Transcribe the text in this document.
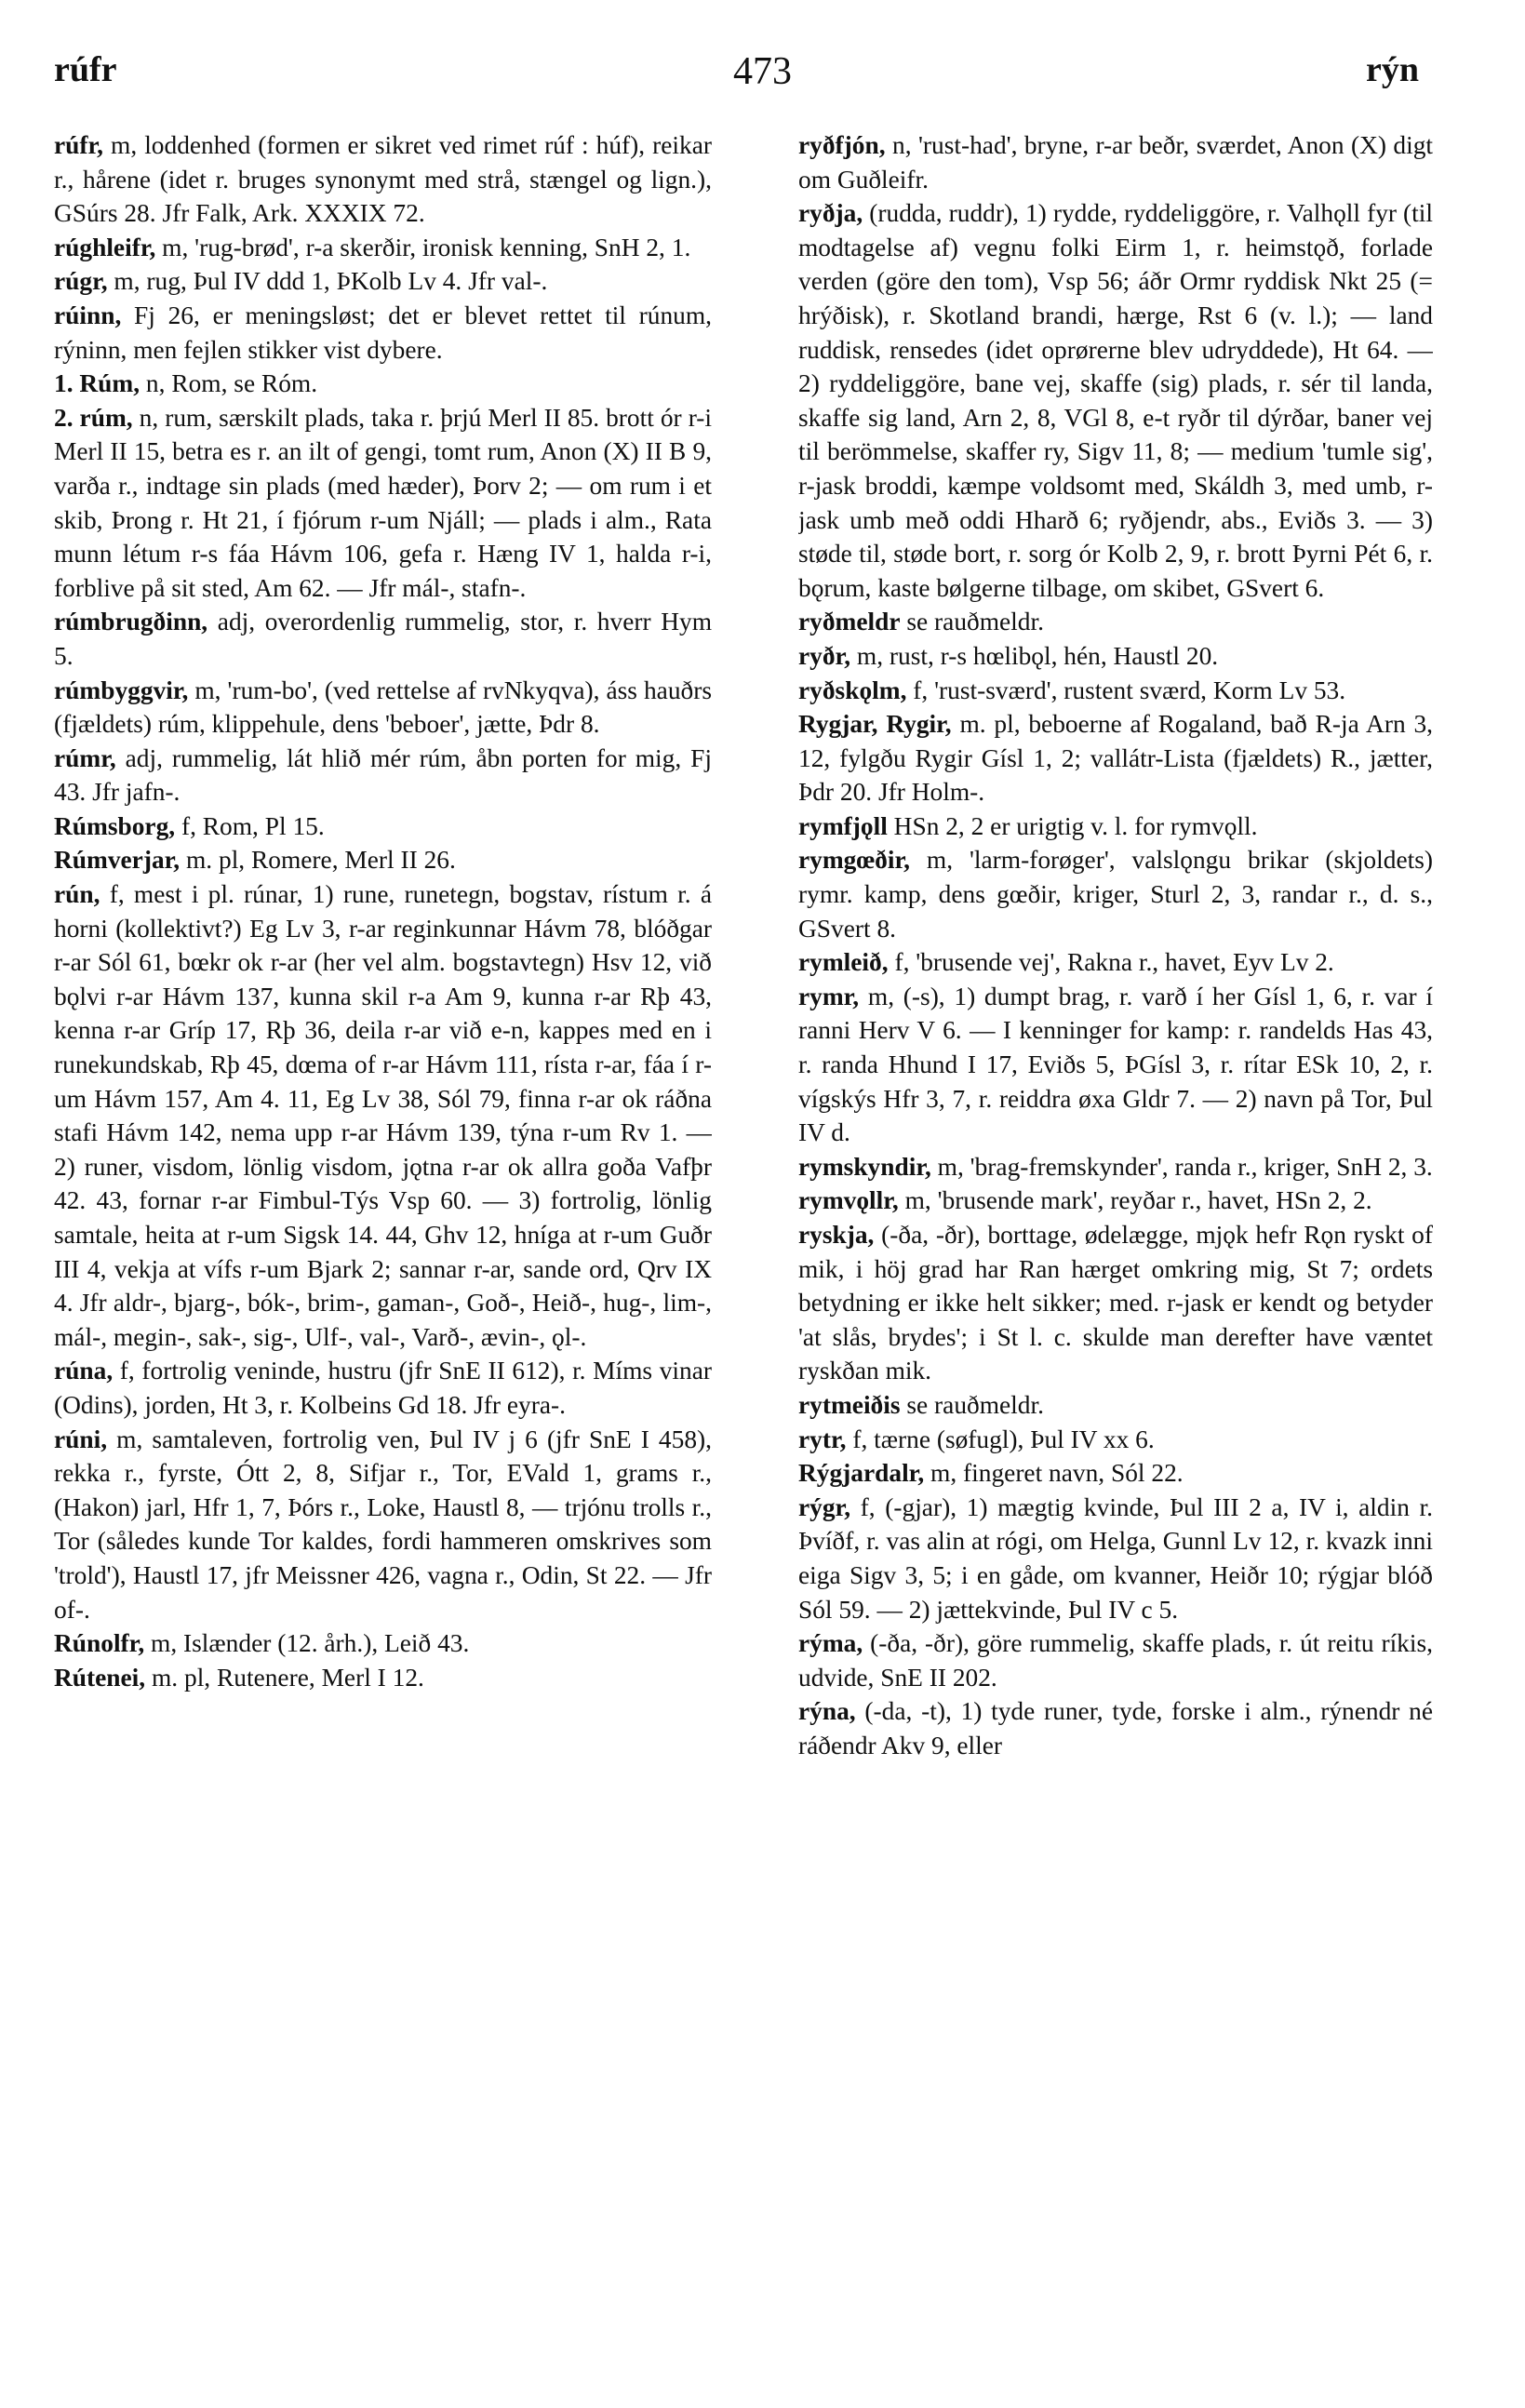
rúfr	473	rýn

rúfr, m, loddenhed (formen er sikret ved rimet rúf : húf), reikar r., hårene (idet r. bruges synonymt med strå, stængel og lign.), GSúrs 28. Jfr Falk, Ark. XXXIX 72.

rúghleifr, m, 'rug-brød', r-a skerðir, ironisk kenning, SnH 2, 1.

rúgr, m, rug, Þul IV ddd 1, ÞKolb Lv 4. Jfr val-.

rúinn, Fj 26, er meningsløst; det er blevet rettet til rúnum, rýninn, men fejlen stikker vist dybere.

1. Rúm, n, Rom, se Róm.

2. rúm, n, rum, særskilt plads, taka r. þrjú Merl II 85. brott ór r-i Merl II 15, betra es r. an ilt of gengi, tomt rum, Anon (X) II B 9, varða r., indtage sin plads (med hæder), Þorv 2; — om rum i et skib, Þrong r. Ht 21, í fjórum r-um Njáll; — plads i alm., Rata munn létum r-s fáa Hávm 106, gefa r. Hæng IV 1, halda r-i, forblive på sit sted, Am 62. — Jfr mál-, stafn-.

rúmbrugðinn, adj, overordenlig rummelig, stor, r. hverr Hym 5.

rúmbyggvir, m, 'rum-bo', (ved rettelse af rvNkyqva), áss hauðrs (fjældets) rúm, klippehule, dens 'beboer', jætte, Þdr 8.

rúmr, adj, rummelig, lát hlið mér rúm, åbn porten for mig, Fj 43. Jfr jafn-.

Rúmsborg, f, Rom, Pl 15.

Rúmverjar, m. pl, Romere, Merl II 26.

rún, f, mest i pl. rúnar, 1) rune, runetegn, bogstav, rístum r. á horni (kollektivt?) Eg Lv 3, r-ar reginkunnar Hávm 78, blóðgar r-ar Sól 61, bœkr ok r-ar (her vel alm. bogstavtegn) Hsv 12, við bǫlvi r-ar Hávm 137, kunna skil r-a Am 9, kunna r-ar Rþ 43, kenna r-ar Gríp 17, Rþ 36, deila r-ar við e-n, kappes med en i runekundskab, Rþ 45, dœma of r-ar Hávm 111, rísta r-ar, fáa í r-um Hávm 157, Am 4. 11, Eg Lv 38, Sól 79, finna r-ar ok ráðna stafi Hávm 142, nema upp r-ar Hávm 139, týna r-um Rv 1. — 2) runer, visdom, lönlig visdom, jǫtna r-ar ok allra goða Vafþr 42. 43, fornar r-ar Fimbul-Týs Vsp 60. — 3) fortrolig, lönlig samtale, heita at r-um Sigsk 14. 44, Ghv 12, hníga at r-um Guðr III 4, vekja at vífs r-um Bjark 2; sannar r-ar, sande ord, Qrv IX 4. Jfr aldr-, bjarg-, bók-, brim-, gaman-, Goð-, Heið-, hug-, lim-, mál-, megin-, sak-, sig-, Ulf-, val-, Varð-, ævin-, ǫl-.

rúna, f, fortrolig veninde, hustru (jfr SnE II 612), r. Míms vinar (Odins), jorden, Ht 3, r. Kolbeins Gd 18. Jfr eyra-.

rúni, m, samtaleven, fortrolig ven, Þul IV j 6 (jfr SnE I 458), rekka r., fyrste, Ótt 2, 8, Sifjar r., Tor, EVald 1, grams r., (Hakon) jarl, Hfr 1, 7, Þórs r., Loke, Haustl 8, — trjónu trolls r., Tor (således kunde Tor kaldes, fordi hammeren omskrives som 'trold'), Haustl 17, jfr Meissner 426, vagna r., Odin, St 22. — Jfr of-.

Rúnolfr, m, Islænder (12. årh.), Leið 43.

Rútenei, m. pl, Rutenere, Merl I 12.

ryðfjón, n, 'rust-had', bryne, r-ar beðr, sværdet, Anon (X) digt om Guðleifr.

ryðja, (rudda, ruddr), 1) rydde, ryddeliggöre, r. Valhǫll fyr (til modtagelse af) vegnu folki Eirm 1, r. heimstǫð, forlade verden (göre den tom), Vsp 56; áðr Ormr ryddisk Nkt 25 (= hrýðisk), r. Skotland brandi, hærge, Rst 6 (v. l.); — land ruddisk, rensedes (idet oprørerne blev udryddede), Ht 64. — 2) ryddeliggöre, bane vej, skaffe (sig) plads, r. sér til landa, skaffe sig land, Arn 2, 8, VGl 8, e-t ryðr til dýrðar, baner vej til berömmelse, skaffer ry, Sigv 11, 8; — medium 'tumle sig', r-jask broddi, kæmpe voldsomt med, Skáldh 3, med umb, r-jask umb með oddi Hharð 6; ryðjendr, abs., Eviðs 3. — 3) støde til, støde bort, r. sorg ór Kolb 2, 9, r. brott Þyrni Pét 6, r. bǫrum, kaste bølgerne tilbage, om skibet, GSvert 6.

ryðmeldr se rauðmeldr.

ryðr, m, rust, r-s hœlibǫl, hén, Haustl 20.

ryðskǫlm, f, 'rust-sværd', rustent sværd, Korm Lv 53.

Rygjar, Rygir, m. pl, beboerne af Rogaland, bað R-ja Arn 3, 12, fylgðu Rygir Gísl 1, 2; vallátr-Lista (fjældets) R., jætter, Þdr 20. Jfr Holm-.

rymfjǫll HSn 2, 2 er urigtig v. l. for rymvǫll.

rymgœðir, m, 'larm-forøger', valslǫngu brikar (skjoldets) rymr. kamp, dens gœðir, kriger, Sturl 2, 3, randar r., d. s., GSvert 8.

rymleið, f, 'brusende vej', Rakna r., havet, Eyv Lv 2.

rymr, m, (-s), 1) dumpt brag, r. varð í her Gísl 1, 6, r. var í ranni Herv V 6. — I kenninger for kamp: r. randelds Has 43, r. randa Hhund I 17, Eviðs 5, ÞGísl 3, r. rítar ESk 10, 2, r. vígskýs Hfr 3, 7, r. reiddra øxa Gldr 7. — 2) navn på Tor, Þul IV d.

rymskyndir, m, 'brag-fremskynder', randa r., kriger, SnH 2, 3.

rymvǫllr, m, 'brusende mark', reyðar r., havet, HSn 2, 2.

ryskja, (-ða, -ðr), borttage, ødelægge, mjǫk hefr Rǫn ryskt of mik, i höj grad har Ran hærget omkring mig, St 7; ordets betydning er ikke helt sikker; med. r-jask er kendt og betyder 'at slås, brydes'; i St l. c. skulde man derefter have væntet ryskðan mik.

rytmeiðis se rauðmeldr.

rytr, f, tærne (søfugl), Þul IV xx 6.

Rýgjardalr, m, fingeret navn, Sól 22.

rýgr, f, (-gjar), 1) mægtig kvinde, Þul III 2 a, IV i, aldin r. Þvíðf, r. vas alin at rógi, om Helga, Gunnl Lv 12, r. kvazk inni eiga Sigv 3, 5; i en gåde, om kvanner, Heiðr 10; rýgjar blóð Sól 59. — 2) jættekvinde, Þul IV c 5.

rýma, (-ða, -ðr), göre rummelig, skaffe plads, r. út reitu ríkis, udvide, SnE II 202.

rýna, (-da, -t), 1) tyde runer, tyde, forske i alm., rýnendr né ráðendr Akv 9, eller
